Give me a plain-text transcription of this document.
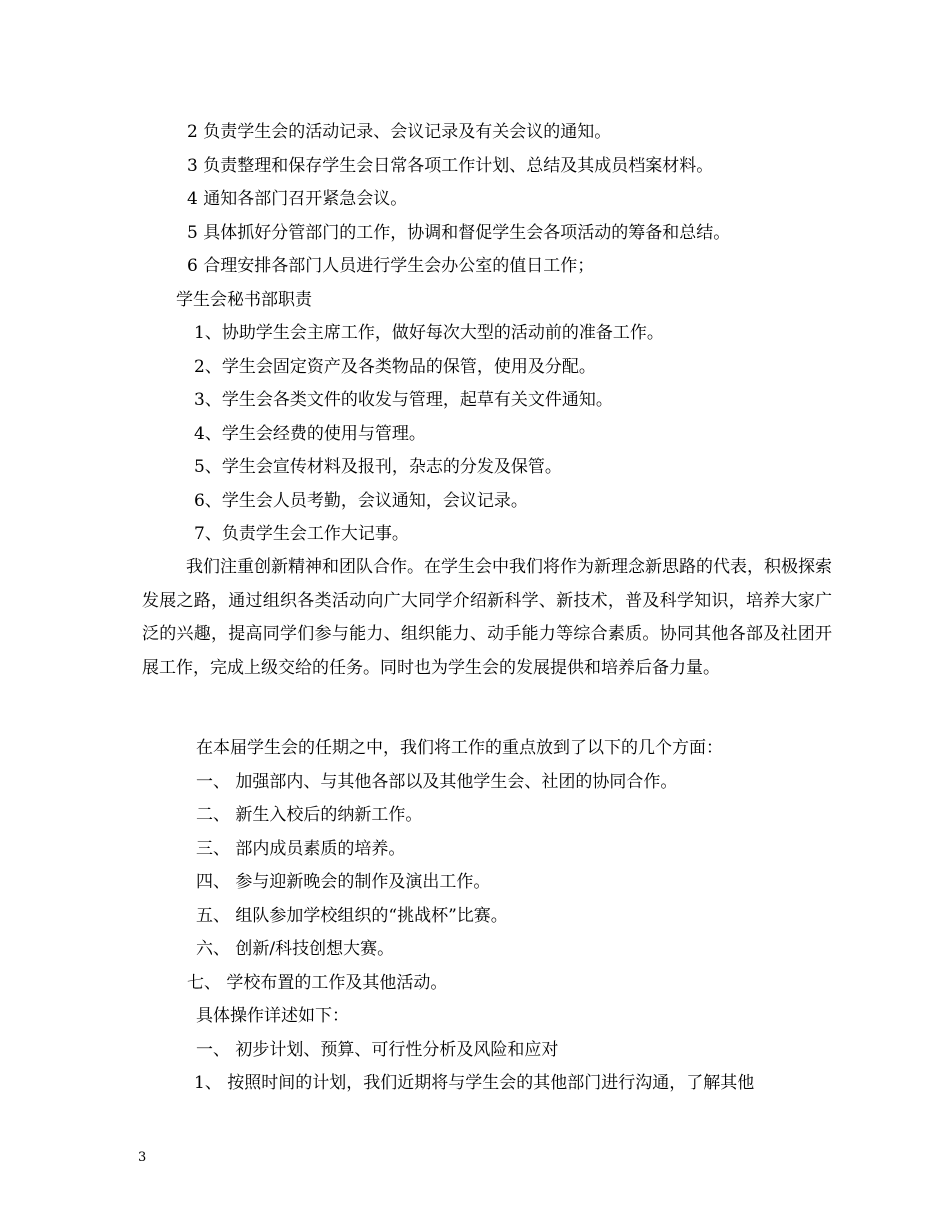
2 负责学生会的活动记录、会议记录及有关会议的通知。
3 负责整理和保存学生会日常各项工作计划、总结及其成员档案材料。
4 通知各部门召开紧急会议。
5 具体抓好分管部门的工作，协调和督促学生会各项活动的筹备和总结。
6 合理安排各部门人员进行学生会办公室的值日工作；
学生会秘书部职责
1、协助学生会主席工作，做好每次大型的活动前的准备工作。
2、学生会固定资产及各类物品的保管，使用及分配。
3、学生会各类文件的收发与管理，起草有关文件通知。
4、学生会经费的使用与管理。
5、学生会宣传材料及报刊，杂志的分发及保管。
6、学生会人员考勤，会议通知，会议记录。
7、负责学生会工作大记事。
我们注重创新精神和团队合作。在学生会中我们将作为新理念新思路的代表，积极探索发展之路，通过组织各类活动向广大同学介绍新科学、新技术，普及科学知识，培养大家广泛的兴趣，提高同学们参与能力、组织能力、动手能力等综合素质。协同其他各部及社团开展工作，完成上级交给的任务。同时也为学生会的发展提供和培养后备力量。
在本届学生会的任期之中，我们将工作的重点放到了以下的几个方面：
一、 加强部内、与其他各部以及其他学生会、社团的协同合作。
二、 新生入校后的纳新工作。
三、 部内成员素质的培养。
四、 参与迎新晚会的制作及演出工作。
五、 组队参加学校组织的“挑战杯”比赛。
六、 创新/科技创想大赛。
七、 学校布置的工作及其他活动。
具体操作详述如下：
一、 初步计划、预算、可行性分析及风险和应对
1、 按照时间的计划，我们近期将与学生会的其他部门进行沟通，了解其他
3
